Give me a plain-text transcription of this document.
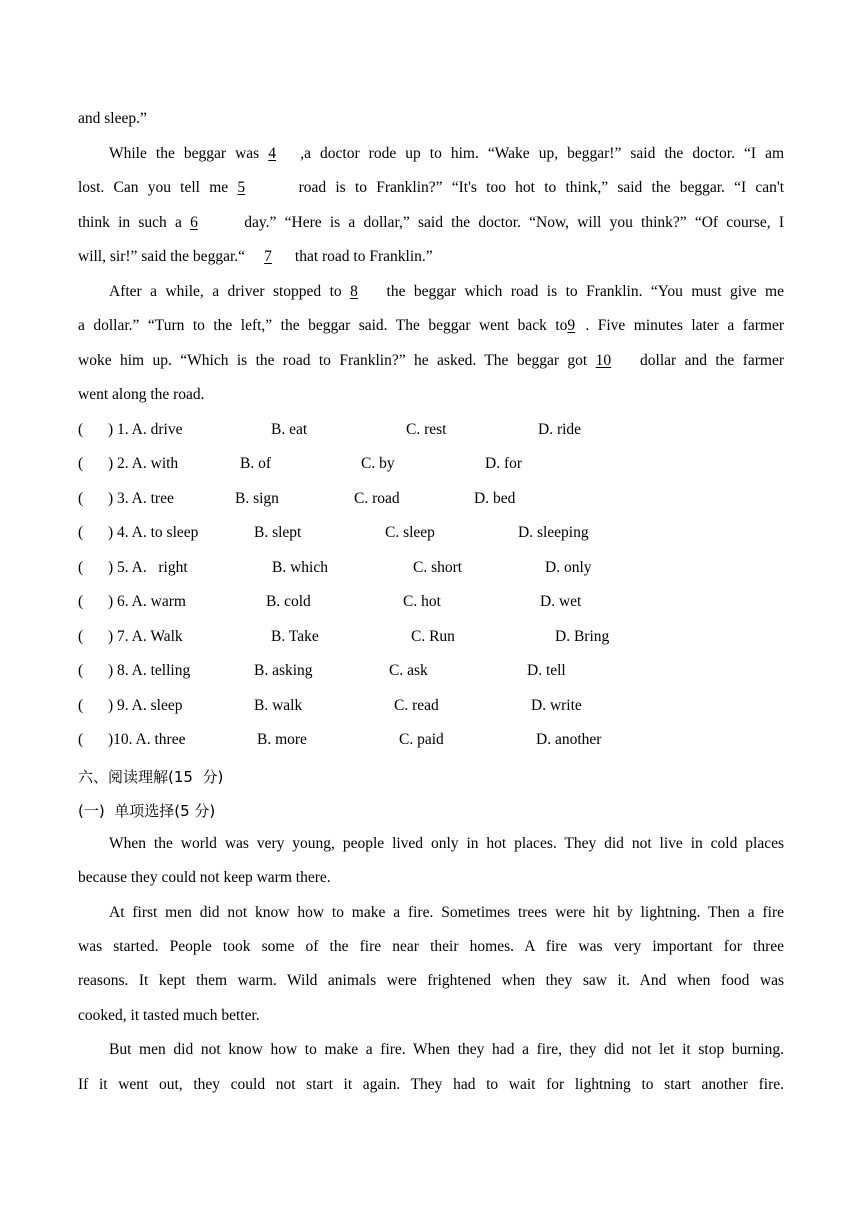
and sleep.”
While the beggar was 4 ,a doctor rode up to him. “Wake up, beggar!” said the doctor. “I am
lost. Can you tell me 5	road is to Franklin?” “It's too hot to think,” said the beggar. “I can't
think in such a 6	day.” “Here is a dollar,” said the doctor. “Now, will you think?” “Of course, I
will, sir!” said the beggar.“ 7 that road to Franklin.”
After a while, a driver stopped to 8 the beggar which road is to Franklin. “You must give me
a dollar.” “Turn to the left,” the beggar said. The beggar went back to9 . Five minutes later a farmer
woke him up. “Which is the road to Franklin?” he asked. The beggar got 10 dollar and the farmer
went along the road.
( ) 1. A. drive	B. eat	C. rest	D. ride
( ) 2. A. with	B. of	C. by	D. for
( ) 3. A. tree	B. sign	C. road	D. bed
( ) 4. A. to sleep	B. slept	C. sleep	D. sleeping
( ) 5. A.   right	B. which	C. short	D. only
( ) 6. A. warm	B. cold	C. hot	D. wet
( ) 7. A. Walk	B. Take	C. Run	D. Bring
( ) 8. A. telling	B. asking	C. ask	D. tell
( ) 9. A. sleep	B. walk	C. read	D. write
( )10. A. three	B. more	C. paid	D. another
六、阅读理解(15  分)
(一)  单项选择(5 分)
When the world was very young, people lived only in hot places. They did not live in cold places
because they could not keep warm there.
At first men did not know how to make a fire. Sometimes trees were hit by lightning. Then a fire
was started. People took some of the fire near their homes. A fire was very important for three
reasons. It kept them warm. Wild animals were frightened when they saw it. And when food was
cooked, it tasted much better.
But men did not know how to make a fire. When they had a fire, they did not let it stop burning.
If it went out, they could not start it again. They had to wait for lightning to start another fire.
